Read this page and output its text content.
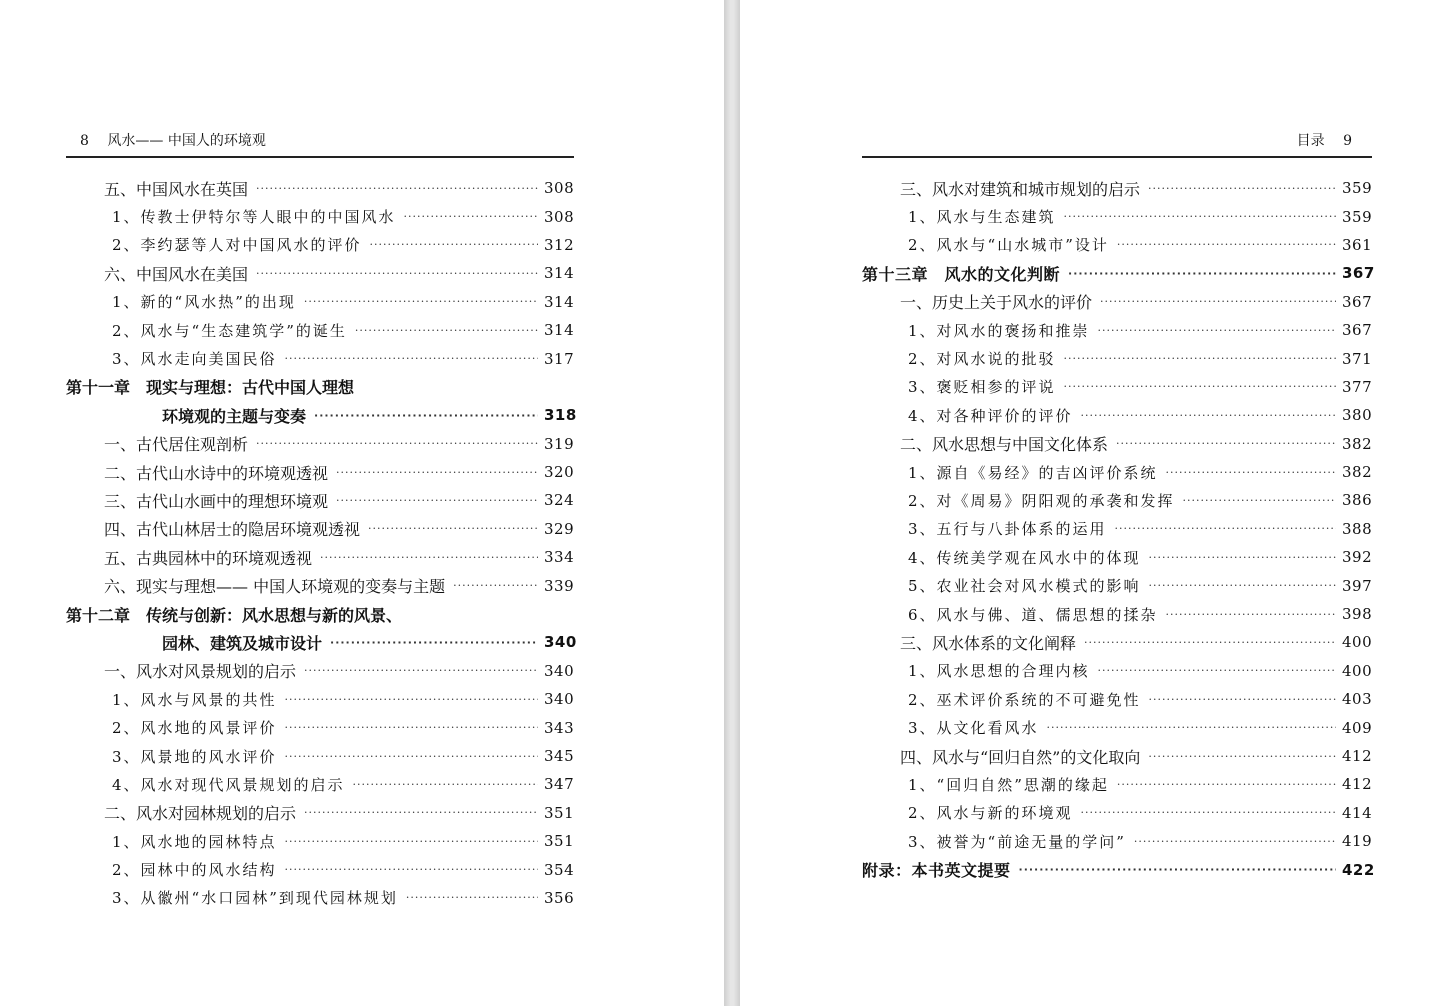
8 风水—— 中国人的环境观
五、中国风水在英国 ·····	308
1、传教士伊特尔等人眼中的中国风水 ·····	308
2、李约瑟等人对中国风水的评价 ·····	312
六、中国风水在美国 ·····	314
1、新的“风水热”的出现 ·····	314
2、风水与“生态建筑学”的诞生 ·····	314
3、风水走向美国民俗 ·····	317
第十一章　现实与理想：古代中国人理想
环境观的主题与变奏 ·····	318
一、古代居住观剖析 ·····	319
二、古代山水诗中的环境观透视 ·····	320
三、古代山水画中的理想环境观 ·····	324
四、古代山林居士的隐居环境观透视 ·····	329
五、古典园林中的环境观透视 ·····	334
六、现实与理想—— 中国人环境观的变奏与主题 ·····	339
第十二章　传统与创新：风水思想与新的风景、
园林、建筑及城市设计 ·····	340
一、风水对风景规划的启示 ·····	340
1、风水与风景的共性 ·····	340
2、风水地的风景评价 ·····	343
3、风景地的风水评价 ·····	345
4、风水对现代风景规划的启示 ·····	347
二、风水对园林规划的启示 ·····	351
1、风水地的园林特点 ·····	351
2、园林中的风水结构 ·····	354
3、从徽州“水口园林”到现代园林规划 ·····	356
目录 9
三、风水对建筑和城市规划的启示 ·····	359
1、风水与生态建筑 ·····	359
2、风水与“山水城市”设计 ·····	361
第十三章　风水的文化判断 ·····	367
一、历史上关于风水的评价 ·····	367
1、对风水的褒扬和推崇 ·····	367
2、对风水说的批驳 ·····	371
3、褒贬相参的评说 ·····	377
4、对各种评价的评价 ·····	380
二、风水思想与中国文化体系 ·····	382
1、源自《易经》的吉凶评价系统 ·····	382
2、对《周易》阴阳观的承袭和发挥 ·····	386
3、五行与八卦体系的运用 ·····	388
4、传统美学观在风水中的体现 ·····	392
5、农业社会对风水模式的影响 ·····	397
6、风水与佛、道、儒思想的揉杂 ·····	398
三、风水体系的文化阐释 ·····	400
1、风水思想的合理内核 ·····	400
2、巫术评价系统的不可避免性 ·····	403
3、从文化看风水 ·····	409
四、风水与“回归自然”的文化取向 ·····	412
1、“回归自然”思潮的缘起 ·····	412
2、风水与新的环境观 ·····	414
3、被誉为“前途无量的学问” ·····	419
附录：本书英文提要 ·····	422
